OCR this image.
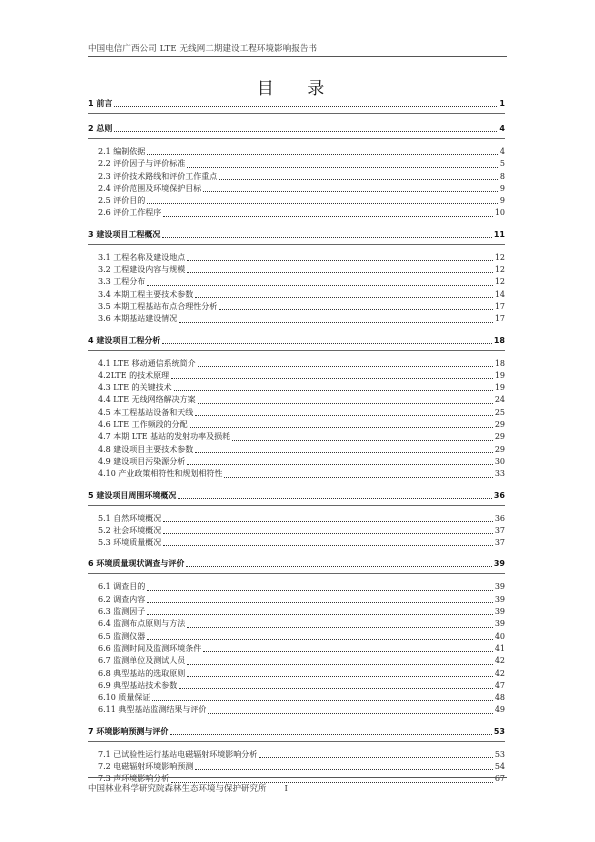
中国电信广西公司 LTE 无线网二期建设工程环境影响报告书
目 录
1 前言	1
2 总则	4
2.1 编制依据	4
2.2 评价因子与评价标准	5
2.3 评价技术路线和评价工作重点	8
2.4 评价范围及环境保护目标	9
2.5 评价目的	9
2.6 评价工作程序	10
3 建设项目工程概况	11
3.1 工程名称及建设地点	12
3.2 工程建设内容与规模	12
3.3 工程分布	12
3.4 本期工程主要技术参数	14
3.5 本期工程基站布点合理性分析	17
3.6 本期基站建设情况	17
4 建设项目工程分析	18
4.1 LTE 移动通信系统简介	18
4.2LTE 的技术原理	19
4.3 LTE 的关键技术	19
4.4 LTE 无线网络解决方案	24
4.5 本工程基站设备和天线	25
4.6 LTE 工作频段的分配	29
4.7 本期 LTE 基站的发射功率及损耗	29
4.8 建设项目主要技术参数	29
4.9 建设项目污染源分析	30
4.10 产业政策相符性和规划相符性	33
5 建设项目周围环境概况	36
5.1 自然环境概况	36
5.2 社会环境概况	37
5.3 环境质量概况	37
6 环境质量现状调查与评价	39
6.1 调查目的	39
6.2 调查内容	39
6.3 监测因子	39
6.4 监测布点原则与方法	39
6.5 监测仪器	40
6.6 监测时间及监测环境条件	41
6.7 监测单位及测试人员	42
6.8 典型基站的选取原则	42
6.9 典型基站技术参数	47
6.10 质量保证	48
6.11 典型基站监测结果与评价	49
7 环境影响预测与评价	53
7.1 已试验性运行基站电磁辐射环境影响分析	53
7.2 电磁辐射环境影响预测	54
7.3 声环境影响分析	67
中国林业科学研究院森林生态环境与保护研究所 I
